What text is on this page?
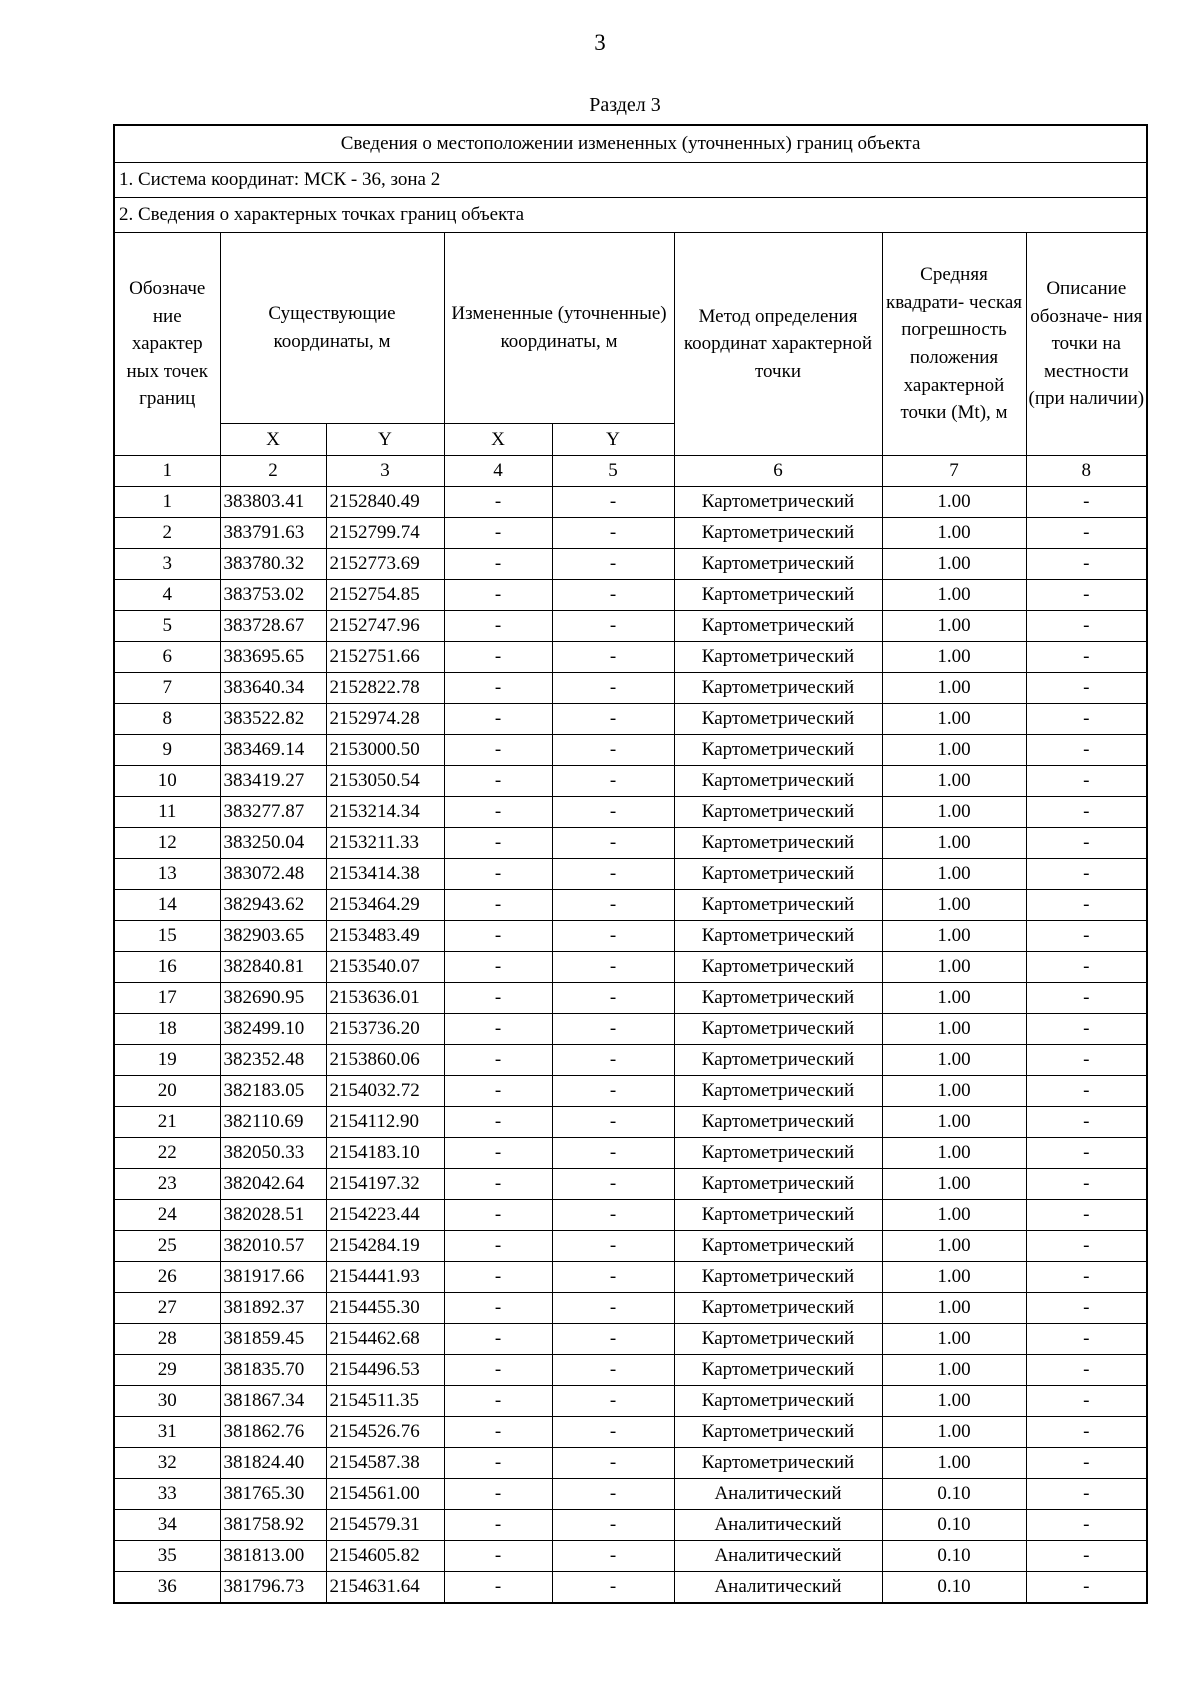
3
Раздел 3
Сведения о местоположении измененных (уточненных) границ объекта							
1. Система координат: МСК - 36, зона 2							
2. Сведения о характерных точках границ объекта							
Обозначе ние характер ных точек границ	Существующие координаты, м		Измененные (уточненные) координаты, м		Метод определения координат характерной точки	Средняя квадрати- ческая погрешность положения характерной точки (Mt), м	Описание обозначе- ния точки на местности (при наличии)
	X	Y	X	Y			
1	2	3	4	5	6	7	8
1	383803.41	2152840.49	-	-	Картометрический	1.00	-
2	383791.63	2152799.74	-	-	Картометрический	1.00	-
3	383780.32	2152773.69	-	-	Картометрический	1.00	-
4	383753.02	2152754.85	-	-	Картометрический	1.00	-
5	383728.67	2152747.96	-	-	Картометрический	1.00	-
6	383695.65	2152751.66	-	-	Картометрический	1.00	-
7	383640.34	2152822.78	-	-	Картометрический	1.00	-
8	383522.82	2152974.28	-	-	Картометрический	1.00	-
9	383469.14	2153000.50	-	-	Картометрический	1.00	-
10	383419.27	2153050.54	-	-	Картометрический	1.00	-
11	383277.87	2153214.34	-	-	Картометрический	1.00	-
12	383250.04	2153211.33	-	-	Картометрический	1.00	-
13	383072.48	2153414.38	-	-	Картометрический	1.00	-
14	382943.62	2153464.29	-	-	Картометрический	1.00	-
15	382903.65	2153483.49	-	-	Картометрический	1.00	-
16	382840.81	2153540.07	-	-	Картометрический	1.00	-
17	382690.95	2153636.01	-	-	Картометрический	1.00	-
18	382499.10	2153736.20	-	-	Картометрический	1.00	-
19	382352.48	2153860.06	-	-	Картометрический	1.00	-
20	382183.05	2154032.72	-	-	Картометрический	1.00	-
21	382110.69	2154112.90	-	-	Картометрический	1.00	-
22	382050.33	2154183.10	-	-	Картометрический	1.00	-
23	382042.64	2154197.32	-	-	Картометрический	1.00	-
24	382028.51	2154223.44	-	-	Картометрический	1.00	-
25	382010.57	2154284.19	-	-	Картометрический	1.00	-
26	381917.66	2154441.93	-	-	Картометрический	1.00	-
27	381892.37	2154455.30	-	-	Картометрический	1.00	-
28	381859.45	2154462.68	-	-	Картометрический	1.00	-
29	381835.70	2154496.53	-	-	Картометрический	1.00	-
30	381867.34	2154511.35	-	-	Картометрический	1.00	-
31	381862.76	2154526.76	-	-	Картометрический	1.00	-
32	381824.40	2154587.38	-	-	Картометрический	1.00	-
33	381765.30	2154561.00	-	-	Аналитический	0.10	-
34	381758.92	2154579.31	-	-	Аналитический	0.10	-
35	381813.00	2154605.82	-	-	Аналитический	0.10	-
36	381796.73	2154631.64	-	-	Аналитический	0.10	-
